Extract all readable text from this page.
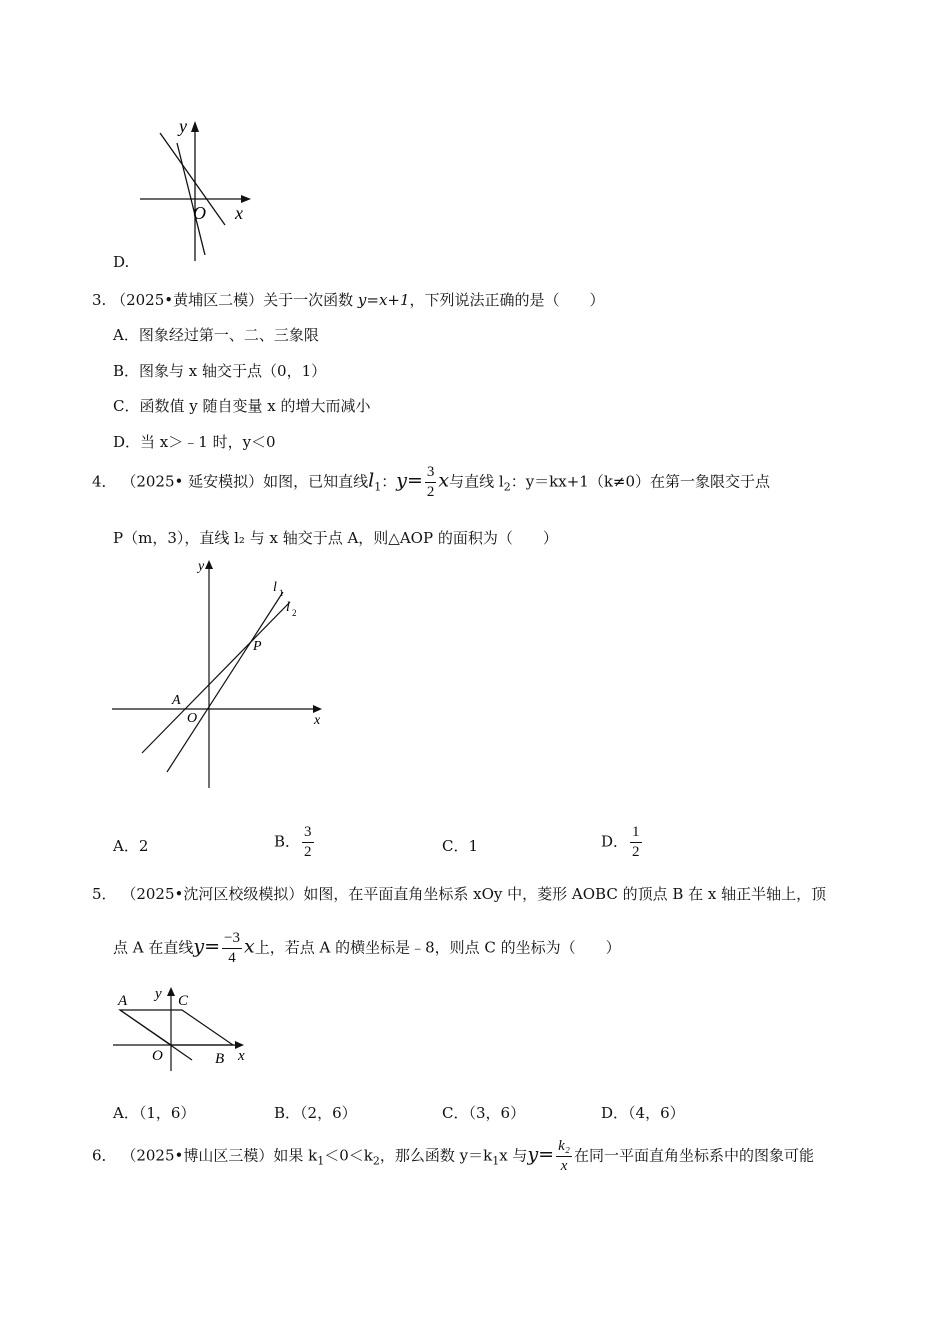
y
x
O
D.
3. （2025•黄埔区二模）关于一次函数 y=x+1，下列说法正确的是（　　）
A．图象经过第一、二、三象限
B．图象与 x 轴交于点（0，1）
C．函数值 y 随自变量 x 的增大而减小
D．当 x＞﹣1 时，y＜0
4． （2025• 延安模拟）如图，已知直线$l_1$：$y= \frac{3}{2}$ x与直线 $l_2$：y＝kx+1（k≠0）在第一象限交于点
P（m，3），直线 l₂ 与 x 轴交于点 A，则△AOP 的面积为（　　）
y
x
O
A
P
l 1
l 2
A．2	B． $\frac{3}{2}$	C．1	D． $\frac{1}{2}$
5． （2025•沈河区校级模拟）如图，在平面直角坐标系 xOy 中，菱形 AOBC 的顶点 B 在 x 轴正半轴上，顶
点 A 在直线$y= \frac{-3}{4}$ x上，若点 A 的横坐标是﹣8，则点 C 的坐标为（　　）
A y C
x
O	B
A．（1，6）	B．（2，6）	C．（3，6）	D．（4，6）
6． （2025•博山区三模）如果 $k_1<0<k_2$，那么函数 $y=k_1x$ 与$y= \frac{\text{k₂}}{x}$ 在同一平面直角坐标系中的图象可能
